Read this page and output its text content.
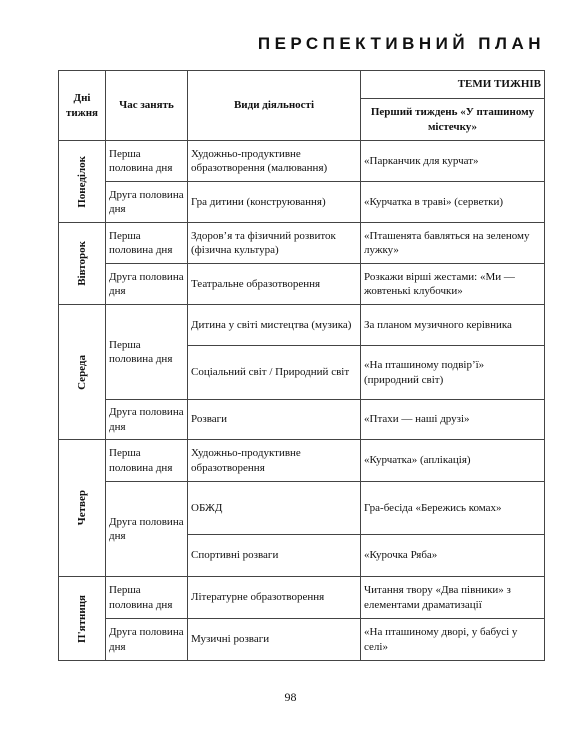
ПЕРСПЕКТИВНИЙ ПЛАН
Дні тижня	Час занять	Види діяльності	ТЕМИ ТИЖНІВ
			Перший тиждень «У пташиному містечку»

Понеділок	Перша половина дня	Художньо-продуктивне образотворення (малювання)	«Парканчик для курчат»
	Друга половина дня	Гра дитини (конструювання)	«Курчатка в траві» (серветки)

Вівторок	Перша половина дня	Здоров’я та фізичний розвиток (фізична культура)	«Пташенята бавляться на зеленому лужку»
	Друга половина дня	Театральне образотворення	Розкажи вірші жестами: «Ми — жовтенькі клубочки»

Середа	Перша половина дня	Дитина у світі мистецтва (музика)	За планом музичного керівника
		Соціальний світ / Природний світ	«На пташиному подвір’ї» (природний світ)
	Друга половина дня	Розваги	«Птахи — наші друзі»

Четвер	Перша половина дня	Художньо-продуктивне образотворення	«Курчатка» (аплікація)
	Друга половина дня	ОБЖД	Гра-бесіда «Бережись комах»
		Спортивні розваги	«Курочка Ряба»

П'ятниця	Перша половина дня	Літературне образотворення	Читання твору «Два півники» з елементами драматизації
	Друга половина дня	Музичні розваги	«На пташиному дворі, у бабусі у селі»

98
